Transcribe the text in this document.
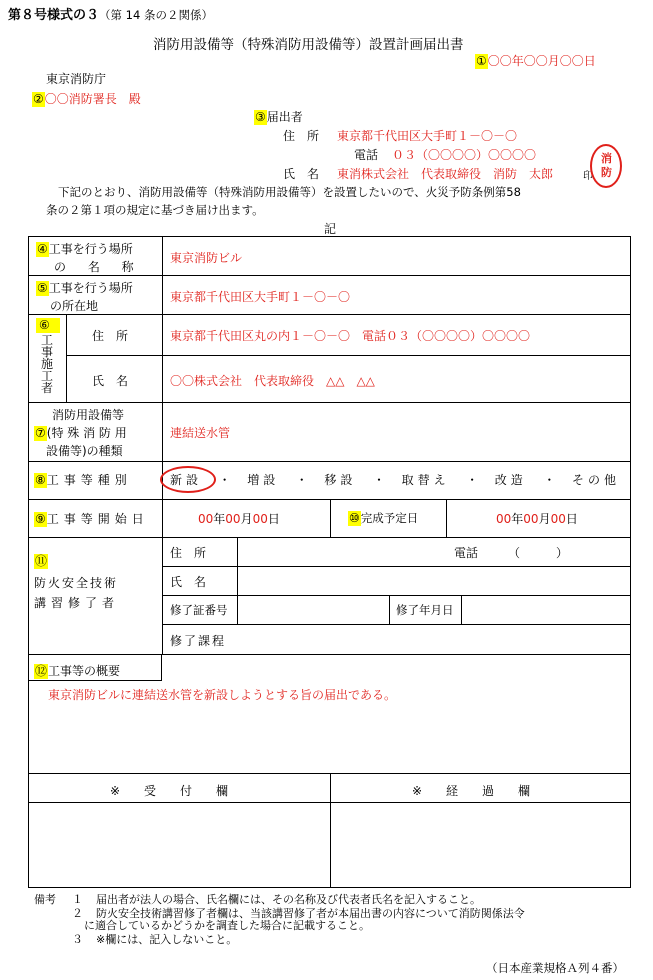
第８号様式の３（第 14 条の２関係）
消防用設備等（特殊消防用設備等）設置計画届出書
①〇〇年〇〇月〇〇日
東京消防庁
②〇〇消防署長　殿
③届出者
住　所 東京都千代田区大手町１－〇－〇
電話 ０３（〇〇〇〇）〇〇〇〇
氏　名 東消株式会社　代表取締役　消防　太郎	印
消
防
下記のとおり、消防用設備等（特殊消防用設備等）を設置したいので、火災予防条例第58
条の２第１項の規定に基づき届け出ます。
記
④工事を行う場所
の 名 称
東京消防ビル
⑤工事を行う場所
の所在地
東京都千代田区大手町１－〇－〇
⑥
工
事
施
工
者
住　所	東京都千代田区丸の内１－〇－〇　電話０３（〇〇〇〇）〇〇〇〇
氏　名	〇〇株式会社　代表取締役　△△　△△
消防用設備等
⑦(特 殊 消 防 用
設備等)の種類
連結送水管
⑧工事等種別	新設 ・ 増設 ・ 移設 ・ 取替え ・ 改造 ・ その他
⑨工事等開始日	00年00月00日	⑩完成予定日	00年00月00日
⑪
防火安全技術
講習修了者
住　所	電話 （　　　）
氏　名
修了証番号	修了年月日
修了課程
⑫工事等の概要
東京消防ビルに連結送水管を新設しようとする旨の届出である。
※　　受　　付　　欄	※　　経　　過　　欄
備考 １ 届出者が法人の場合、氏名欄には、その名称及び代表者氏名を記入すること。
２ 防火安全技術講習修了者欄は、当該講習修了者が本届出書の内容について消防関係法令
に適合しているかどうかを調査した場合に記載すること。
３ ※欄には、記入しないこと。
（日本産業規格Ａ列４番）
